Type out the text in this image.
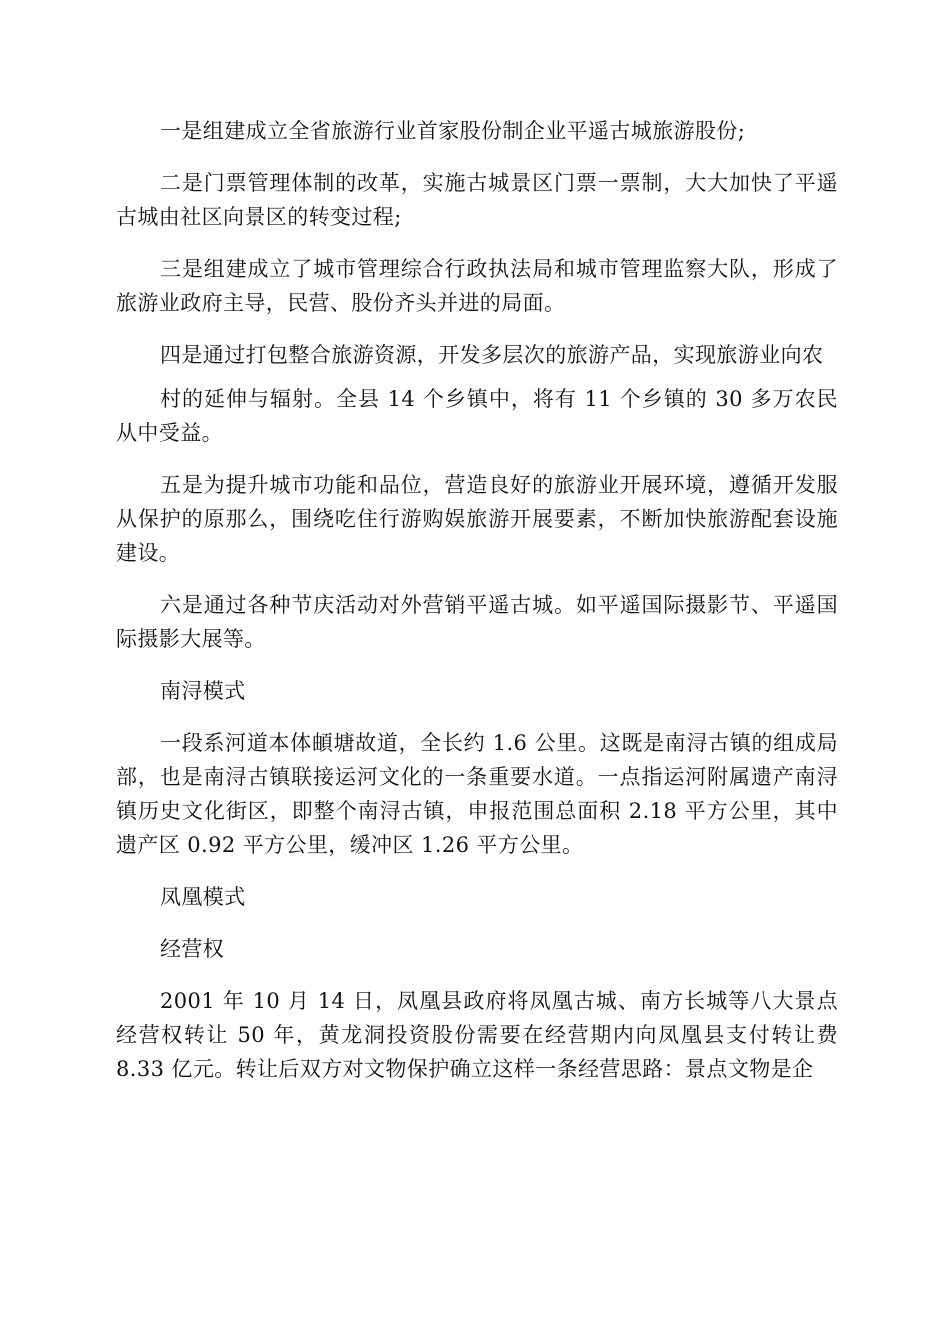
一是组建成立全省旅游行业首家股份制企业平遥古城旅游股份;

二是门票管理体制的改革，实施古城景区门票一票制，大大加快了平遥古城由社区向景区的转变过程;

三是组建成立了城市管理综合行政执法局和城市管理监察大队，形成了旅游业政府主导，民营、股份齐头并进的局面。

四是通过打包整合旅游资源，开发多层次的旅游产品，实现旅游业向农

村的延伸与辐射。全县 14 个乡镇中，将有 11 个乡镇的 30 多万农民从中受益。

五是为提升城市功能和品位，营造良好的旅游业开展环境，遵循开发服从保护的原那么，围绕吃住行游购娱旅游开展要素，不断加快旅游配套设施建设。

六是通过各种节庆活动对外营销平遥古城。如平遥国际摄影节、平遥国际摄影大展等。

南浔模式

一段系河道本体頔塘故道，全长约 1.6 公里。这既是南浔古镇的组成局部，也是南浔古镇联接运河文化的一条重要水道。一点指运河附属遗产南浔镇历史文化街区，即整个南浔古镇，申报范围总面积 2.18 平方公里，其中遗产区 0.92 平方公里，缓冲区 1.26 平方公里。

凤凰模式

经营权

2001 年 10 月 14 日，凤凰县政府将凤凰古城、南方长城等八大景点经营权转让 50 年，黄龙洞投资股份需要在经营期内向凤凰县支付转让费 8.33 亿元。转让后双方对文物保护确立这样一条经营思路：景点文物是企
